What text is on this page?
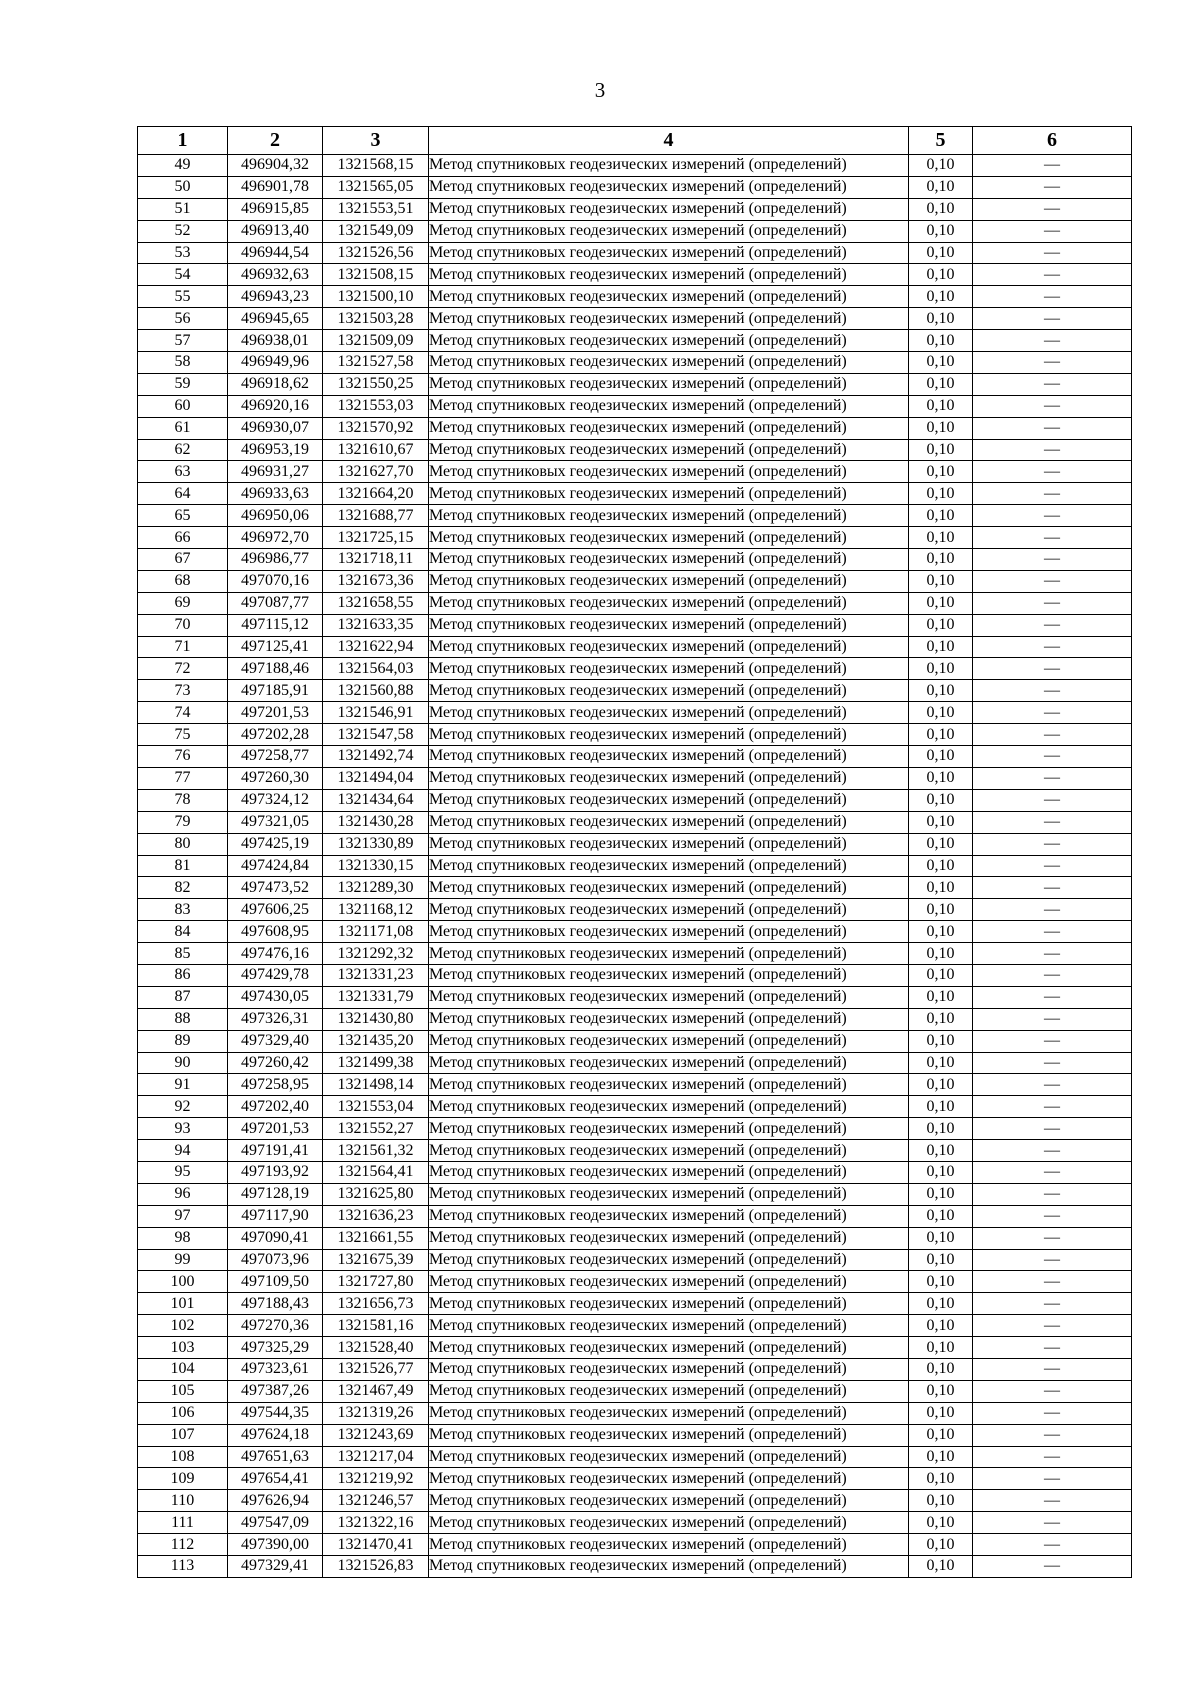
3
1	2	3	4	5	6
49	496904,32	1321568,15	Метод спутниковых геодезических измерений (определений)	0,10	—
50	496901,78	1321565,05	Метод спутниковых геодезических измерений (определений)	0,10	—
51	496915,85	1321553,51	Метод спутниковых геодезических измерений (определений)	0,10	—
52	496913,40	1321549,09	Метод спутниковых геодезических измерений (определений)	0,10	—
53	496944,54	1321526,56	Метод спутниковых геодезических измерений (определений)	0,10	—
54	496932,63	1321508,15	Метод спутниковых геодезических измерений (определений)	0,10	—
55	496943,23	1321500,10	Метод спутниковых геодезических измерений (определений)	0,10	—
56	496945,65	1321503,28	Метод спутниковых геодезических измерений (определений)	0,10	—
57	496938,01	1321509,09	Метод спутниковых геодезических измерений (определений)	0,10	—
58	496949,96	1321527,58	Метод спутниковых геодезических измерений (определений)	0,10	—
59	496918,62	1321550,25	Метод спутниковых геодезических измерений (определений)	0,10	—
60	496920,16	1321553,03	Метод спутниковых геодезических измерений (определений)	0,10	—
61	496930,07	1321570,92	Метод спутниковых геодезических измерений (определений)	0,10	—
62	496953,19	1321610,67	Метод спутниковых геодезических измерений (определений)	0,10	—
63	496931,27	1321627,70	Метод спутниковых геодезических измерений (определений)	0,10	—
64	496933,63	1321664,20	Метод спутниковых геодезических измерений (определений)	0,10	—
65	496950,06	1321688,77	Метод спутниковых геодезических измерений (определений)	0,10	—
66	496972,70	1321725,15	Метод спутниковых геодезических измерений (определений)	0,10	—
67	496986,77	1321718,11	Метод спутниковых геодезических измерений (определений)	0,10	—
68	497070,16	1321673,36	Метод спутниковых геодезических измерений (определений)	0,10	—
69	497087,77	1321658,55	Метод спутниковых геодезических измерений (определений)	0,10	—
70	497115,12	1321633,35	Метод спутниковых геодезических измерений (определений)	0,10	—
71	497125,41	1321622,94	Метод спутниковых геодезических измерений (определений)	0,10	—
72	497188,46	1321564,03	Метод спутниковых геодезических измерений (определений)	0,10	—
73	497185,91	1321560,88	Метод спутниковых геодезических измерений (определений)	0,10	—
74	497201,53	1321546,91	Метод спутниковых геодезических измерений (определений)	0,10	—
75	497202,28	1321547,58	Метод спутниковых геодезических измерений (определений)	0,10	—
76	497258,77	1321492,74	Метод спутниковых геодезических измерений (определений)	0,10	—
77	497260,30	1321494,04	Метод спутниковых геодезических измерений (определений)	0,10	—
78	497324,12	1321434,64	Метод спутниковых геодезических измерений (определений)	0,10	—
79	497321,05	1321430,28	Метод спутниковых геодезических измерений (определений)	0,10	—
80	497425,19	1321330,89	Метод спутниковых геодезических измерений (определений)	0,10	—
81	497424,84	1321330,15	Метод спутниковых геодезических измерений (определений)	0,10	—
82	497473,52	1321289,30	Метод спутниковых геодезических измерений (определений)	0,10	—
83	497606,25	1321168,12	Метод спутниковых геодезических измерений (определений)	0,10	—
84	497608,95	1321171,08	Метод спутниковых геодезических измерений (определений)	0,10	—
85	497476,16	1321292,32	Метод спутниковых геодезических измерений (определений)	0,10	—
86	497429,78	1321331,23	Метод спутниковых геодезических измерений (определений)	0,10	—
87	497430,05	1321331,79	Метод спутниковых геодезических измерений (определений)	0,10	—
88	497326,31	1321430,80	Метод спутниковых геодезических измерений (определений)	0,10	—
89	497329,40	1321435,20	Метод спутниковых геодезических измерений (определений)	0,10	—
90	497260,42	1321499,38	Метод спутниковых геодезических измерений (определений)	0,10	—
91	497258,95	1321498,14	Метод спутниковых геодезических измерений (определений)	0,10	—
92	497202,40	1321553,04	Метод спутниковых геодезических измерений (определений)	0,10	—
93	497201,53	1321552,27	Метод спутниковых геодезических измерений (определений)	0,10	—
94	497191,41	1321561,32	Метод спутниковых геодезических измерений (определений)	0,10	—
95	497193,92	1321564,41	Метод спутниковых геодезических измерений (определений)	0,10	—
96	497128,19	1321625,80	Метод спутниковых геодезических измерений (определений)	0,10	—
97	497117,90	1321636,23	Метод спутниковых геодезических измерений (определений)	0,10	—
98	497090,41	1321661,55	Метод спутниковых геодезических измерений (определений)	0,10	—
99	497073,96	1321675,39	Метод спутниковых геодезических измерений (определений)	0,10	—
100	497109,50	1321727,80	Метод спутниковых геодезических измерений (определений)	0,10	—
101	497188,43	1321656,73	Метод спутниковых геодезических измерений (определений)	0,10	—
102	497270,36	1321581,16	Метод спутниковых геодезических измерений (определений)	0,10	—
103	497325,29	1321528,40	Метод спутниковых геодезических измерений (определений)	0,10	—
104	497323,61	1321526,77	Метод спутниковых геодезических измерений (определений)	0,10	—
105	497387,26	1321467,49	Метод спутниковых геодезических измерений (определений)	0,10	—
106	497544,35	1321319,26	Метод спутниковых геодезических измерений (определений)	0,10	—
107	497624,18	1321243,69	Метод спутниковых геодезических измерений (определений)	0,10	—
108	497651,63	1321217,04	Метод спутниковых геодезических измерений (определений)	0,10	—
109	497654,41	1321219,92	Метод спутниковых геодезических измерений (определений)	0,10	—
110	497626,94	1321246,57	Метод спутниковых геодезических измерений (определений)	0,10	—
111	497547,09	1321322,16	Метод спутниковых геодезических измерений (определений)	0,10	—
112	497390,00	1321470,41	Метод спутниковых геодезических измерений (определений)	0,10	—
113	497329,41	1321526,83	Метод спутниковых геодезических измерений (определений)	0,10	—
